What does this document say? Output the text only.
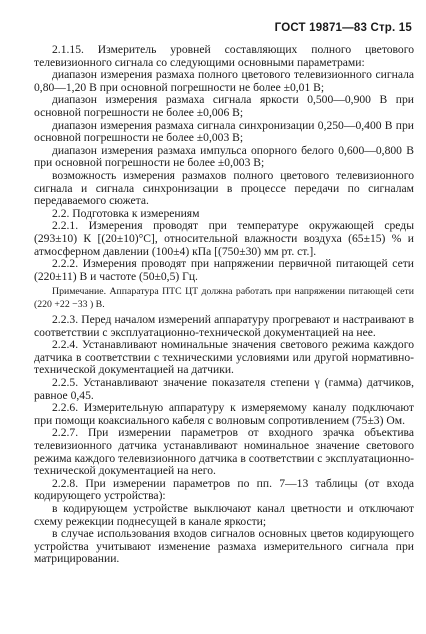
ГОСТ 19871—83 Стр. 15

2.1.15. Измеритель уровней составляющих полного цветового телевизионного сигнала со следующими основными параметрами:

диапазон измерения размаха полного цветового телевизионного сигнала 0,80—1,20 В при основной погрешности не более ±0,01 В;

диапазон измерения размаха сигнала яркости 0,500—0,900 В при основной погрешности не более ±0,006 В;

диапазон измерения размаха сигнала синхронизации 0,250—0,400 В при основной погрешности не более ±0,003 В;

диапазон измерения размаха импульса опорного белого 0,600—0,800 В при основной погрешности не более ±0,003 В;

возможность измерения размахов полного цветового телевизионного сигнала и сигнала синхронизации в процессе передачи по сигналам передаваемого сюжета.

2.2. Подготовка к измерениям

2.2.1. Измерения проводят при температуре окружающей среды (293±10) К [(20±10)°С], относительной влажности воздуха (65±15) % и атмосферном давлении (100±4) кПа [(750±30) мм рт. ст.].

2.2.2. Измерения проводят при напряжении первичной питающей сети (220±11) В и частоте (50±0,5) Гц.

Примечание. Аппаратура ПТС ЦТ должна работать при напряжении питающей сети (220 +22 −33 ) В.

2.2.3. Перед началом измерений аппаратуру прогревают и настраивают в соответствии с эксплуатационно-технической документацией на нее.

2.2.4. Устанавливают номинальные значения светового режима каждого датчика в соответствии с техническими условиями или другой нормативно-технической документацией на датчики.

2.2.5. Устанавливают значение показателя степени γ (гамма) датчиков, равное 0,45.

2.2.6. Измерительную аппаратуру к измеряемому каналу подключают при помощи коаксиального кабеля с волновым сопротивлением (75±3) Ом.

2.2.7. При измерении параметров от входного зрачка объектива телевизионного датчика устанавливают номинальное значение светового режима каждого телевизионного датчика в соответствии с эксплуатационно-технической документацией на него.

2.2.8. При измерении параметров по пп. 7—13 таблицы (от входа кодирующего устройства):

в кодирующем устройстве выключают канал цветности и отключают схему режекции поднесущей в канале яркости;

в случае использования входов сигналов основных цветов кодирующего устройства учитывают изменение размаха измерительного сигнала при матрицировании.
